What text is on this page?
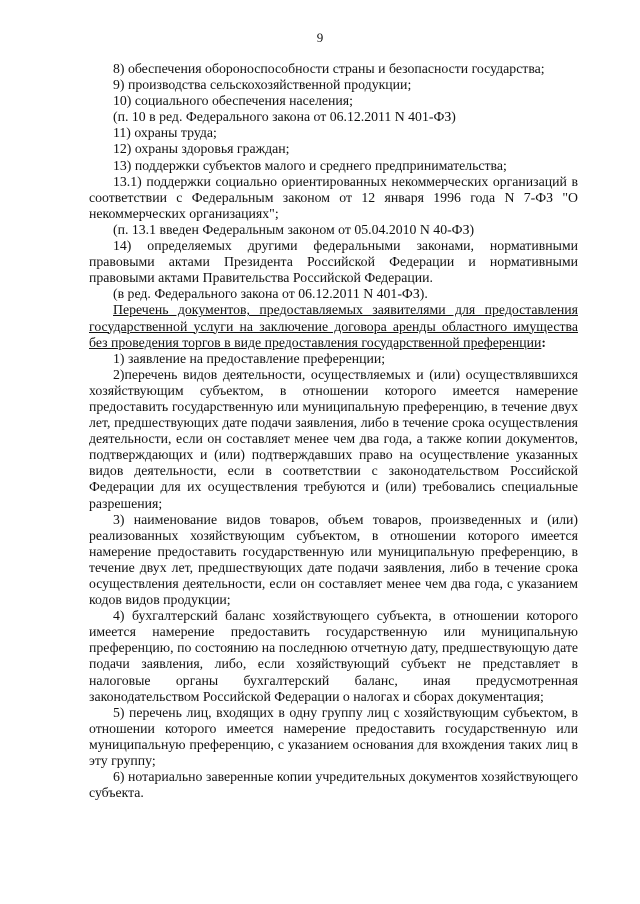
9

8) обеспечения обороноспособности страны и безопасности государства;

9) производства сельскохозяйственной продукции;

10) социального обеспечения населения;

(п. 10 в ред. Федерального закона от 06.12.2011 N 401-ФЗ)

11) охраны труда;

12) охраны здоровья граждан;

13) поддержки субъектов малого и среднего предпринимательства;

13.1) поддержки социально ориентированных некоммерческих организаций в соответствии с Федеральным законом от 12 января 1996 года N 7-ФЗ "О некоммерческих организациях";

(п. 13.1 введен Федеральным законом от 05.04.2010 N 40-ФЗ)

14) определяемых другими федеральными законами, нормативными правовыми актами Президента Российской Федерации и нормативными правовыми актами Правительства Российской Федерации.

(в ред. Федерального закона от 06.12.2011 N 401-ФЗ).

Перечень документов, предоставляемых заявителями для предоставления государственной услуги на заключение договора аренды областного имущества без проведения торгов в виде предоставления государственной преференции:

1) заявление на предоставление преференции;

2)перечень видов деятельности, осуществляемых и (или) осуществлявшихся хозяйствующим субъектом, в отношении которого имеется намерение предоставить государственную или муниципальную преференцию, в течение двух лет, предшествующих дате подачи заявления, либо в течение срока осуществления деятельности, если он составляет менее чем два года, а также копии документов, подтверждающих и (или) подтверждавших право на осуществление указанных видов деятельности, если в соответствии с законодательством Российской Федерации для их осуществления требуются и (или) требовались специальные разрешения;

3) наименование видов товаров, объем товаров, произведенных и (или) реализованных хозяйствующим субъектом, в отношении которого имеется намерение предоставить государственную или муниципальную преференцию, в течение двух лет, предшествующих дате подачи заявления, либо в течение срока осуществления деятельности, если он составляет менее чем два года, с указанием кодов видов продукции;

4) бухгалтерский баланс хозяйствующего субъекта, в отношении которого имеется намерение предоставить государственную или муниципальную преференцию, по состоянию на последнюю отчетную дату, предшествующую дате подачи заявления, либо, если хозяйствующий субъект не представляет в налоговые органы бухгалтерский баланс, иная предусмотренная законодательством Российской Федерации о налогах и сборах документация;

5) перечень лиц, входящих в одну группу лиц с хозяйствующим субъектом, в отношении которого имеется намерение предоставить государственную или муниципальную преференцию, с указанием основания для вхождения таких лиц в эту группу;

6) нотариально заверенные копии учредительных документов хозяйствующего субъекта.
